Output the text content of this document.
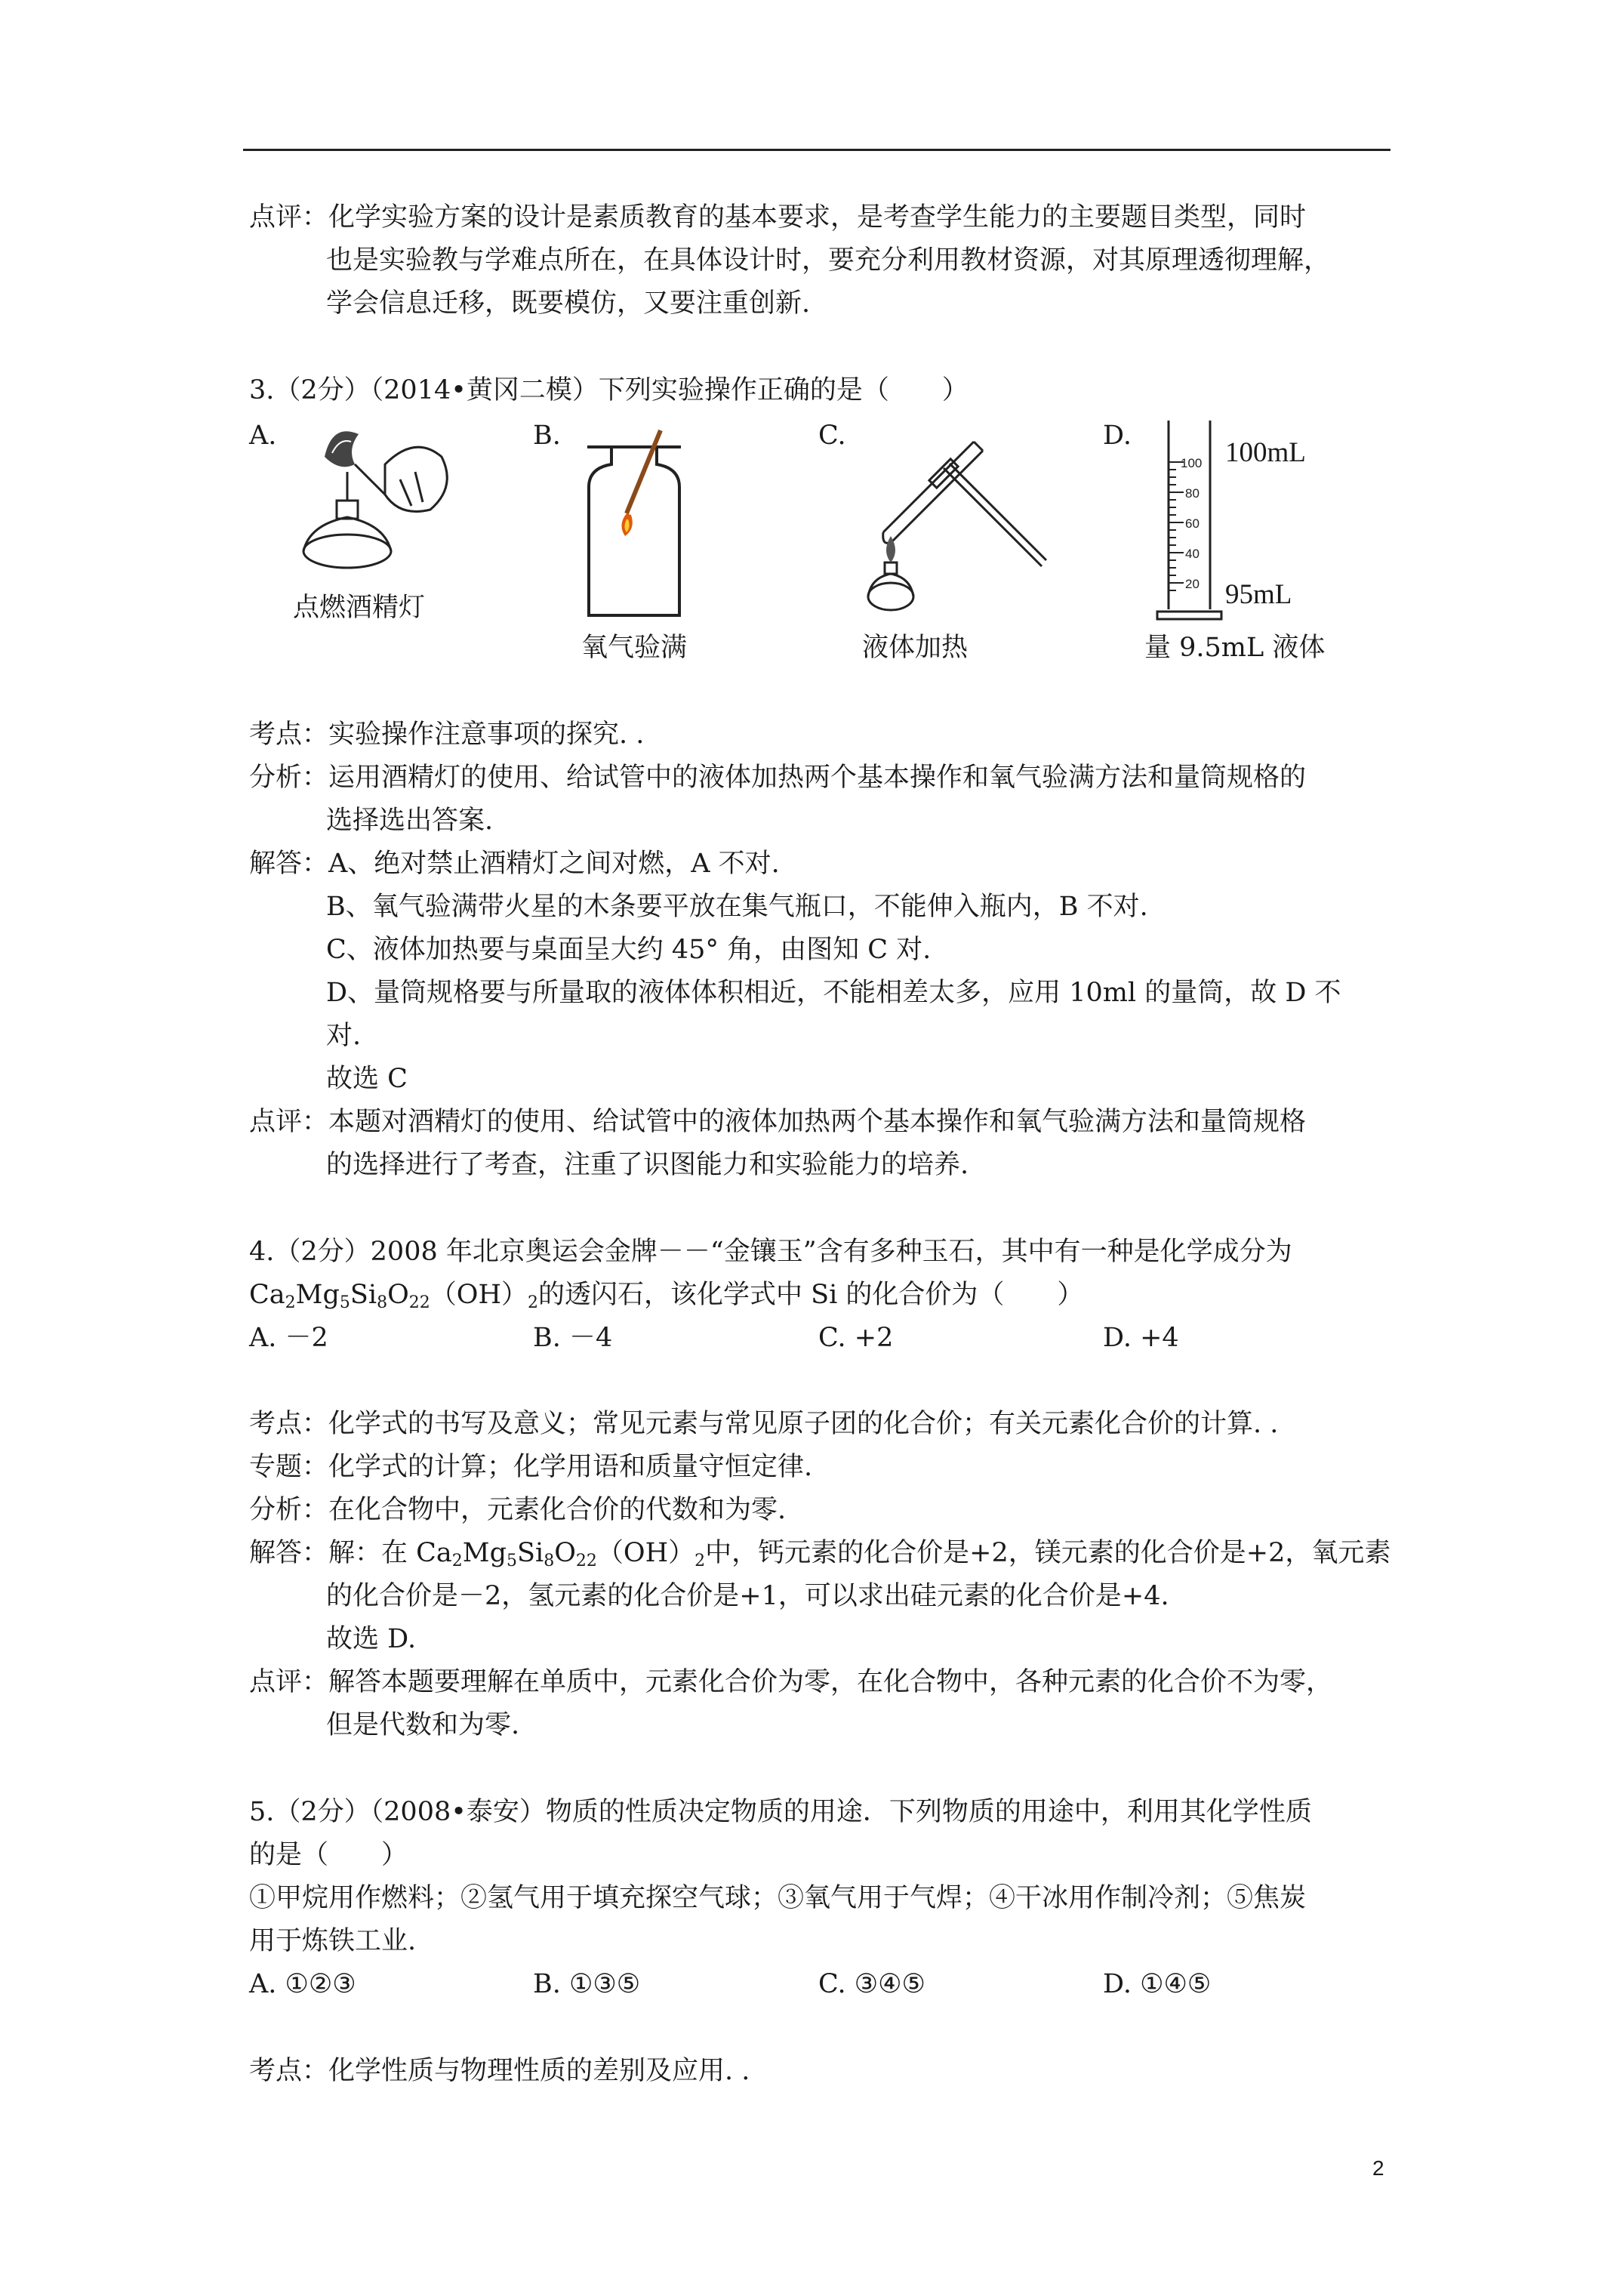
点评：化学实验方案的设计是素质教育的基本要求，是考查学生能力的主要题目类型，同时
也是实验教与学难点所在，在具体设计时，要充分利用教材资源，对其原理透彻理解，
学会信息迁移，既要模仿，又要注重创新.
3.（2分）（2014•黄冈二模）下列实验操作正确的是（　　）
A.	B.	C.	D.
点燃酒精灯
氧气验满	液体加热
100
80
60
40
20
100mL
95mL
量 9.5mL 液体
考点：实验操作注意事项的探究. .
分析：运用酒精灯的使用、给试管中的液体加热两个基本操作和氧气验满方法和量筒规格的
选择选出答案.
解答：A、绝对禁止酒精灯之间对燃，A 不对.
B、氧气验满带火星的木条要平放在集气瓶口，不能伸入瓶内，B 不对.
C、液体加热要与桌面呈大约 45° 角，由图知 C 对.
D、量筒规格要与所量取的液体体积相近，不能相差太多，应用 10ml 的量筒，故 D 不
对.
故选 C
点评：本题对酒精灯的使用、给试管中的液体加热两个基本操作和氧气验满方法和量筒规格
的选择进行了考查，注重了识图能力和实验能力的培养.
4.（2分）2008 年北京奥运会金牌－－“金镶玉”含有多种玉石，其中有一种是化学成分为
$Ca_2Mg_5Si_8O_{22}(OH)_2$的透闪石，该化学式中 Si 的化合价为（　　）
A. －2	B. －4	C. +2	D. +4
考点：化学式的书写及意义；常见元素与常见原子团的化合价；有关元素化合价的计算. .
专题：化学式的计算；化学用语和质量守恒定律.
分析：在化合物中，元素化合价的代数和为零.
解答：解：在 $Ca_2Mg_5Si_8O_{22}(OH)_2$中，钙元素的化合价是+2，镁元素的化合价是+2，氧元素
的化合价是－2，氢元素的化合价是+1，可以求出硅元素的化合价是+4.
故选 D.
点评：解答本题要理解在单质中，元素化合价为零，在化合物中，各种元素的化合价不为零，
但是代数和为零.
5.（2分）（2008•泰安）物质的性质决定物质的用途．下列物质的用途中，利用其化学性质
的是（　　）
①甲烷用作燃料；②氢气用于填充探空气球；③氧气用于气焊；④干冰用作制冷剂；⑤焦炭
用于炼铁工业.
A. ①②③	B. ①③⑤	C. ③④⑤	D. ①④⑤
考点：化学性质与物理性质的差别及应用. .
2
